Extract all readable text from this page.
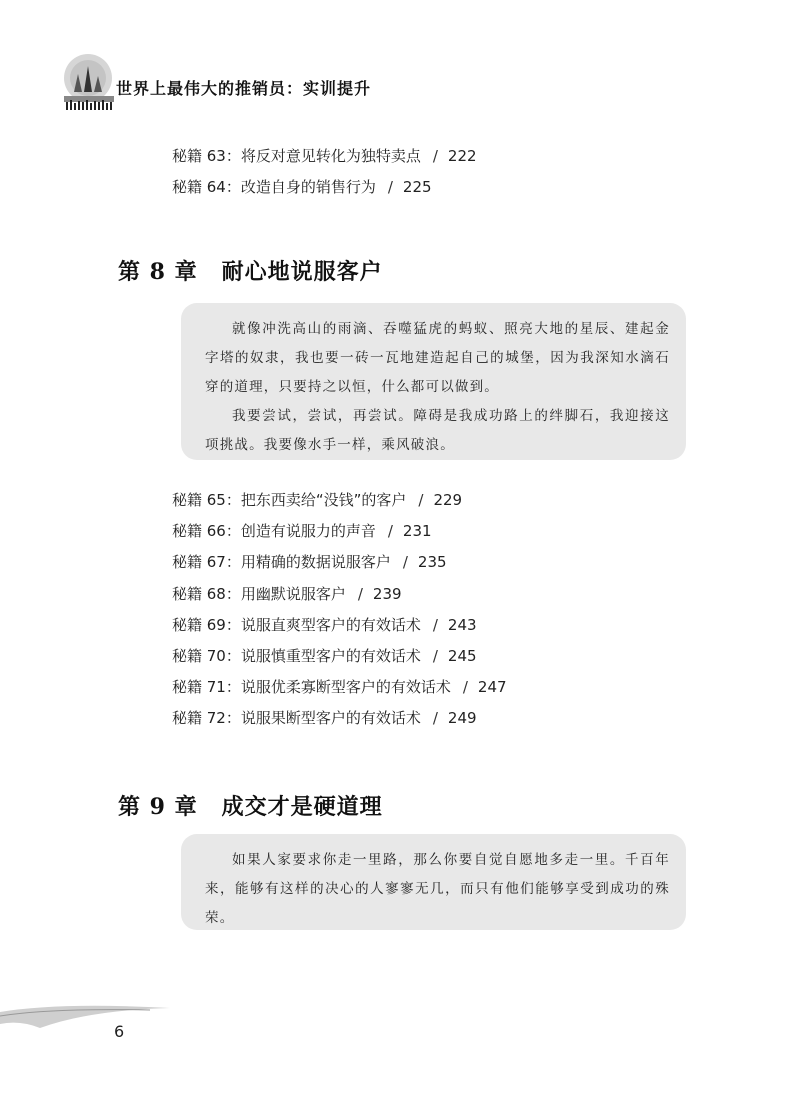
世界上最伟大的推销员：实训提升
秘籍 63：将反对意见转化为独特卖点 / 222
秘籍 64：改造自身的销售行为 / 225
第 8 章 耐心地说服客户

就像冲洗高山的雨滴、吞噬猛虎的蚂蚁、照亮大地的星辰、建起金字塔的奴隶，我也要一砖一瓦地建造起自己的城堡，因为我深知水滴石穿的道理，只要持之以恒，什么都可以做到。

我要尝试，尝试，再尝试。障碍是我成功路上的绊脚石，我迎接这项挑战。我要像水手一样，乘风破浪。

秘籍 65：把东西卖给“没钱”的客户 / 229
秘籍 66：创造有说服力的声音 / 231
秘籍 67：用精确的数据说服客户 / 235
秘籍 68：用幽默说服客户 / 239
秘籍 69：说服直爽型客户的有效话术 / 243
秘籍 70：说服慎重型客户的有效话术 / 245
秘籍 71：说服优柔寡断型客户的有效话术 / 247
秘籍 72：说服果断型客户的有效话术 / 249
第 9 章 成交才是硬道理

如果人家要求你走一里路，那么你要自觉自愿地多走一里。千百年来，能够有这样的决心的人寥寥无几，而只有他们能够享受到成功的殊荣。

6
